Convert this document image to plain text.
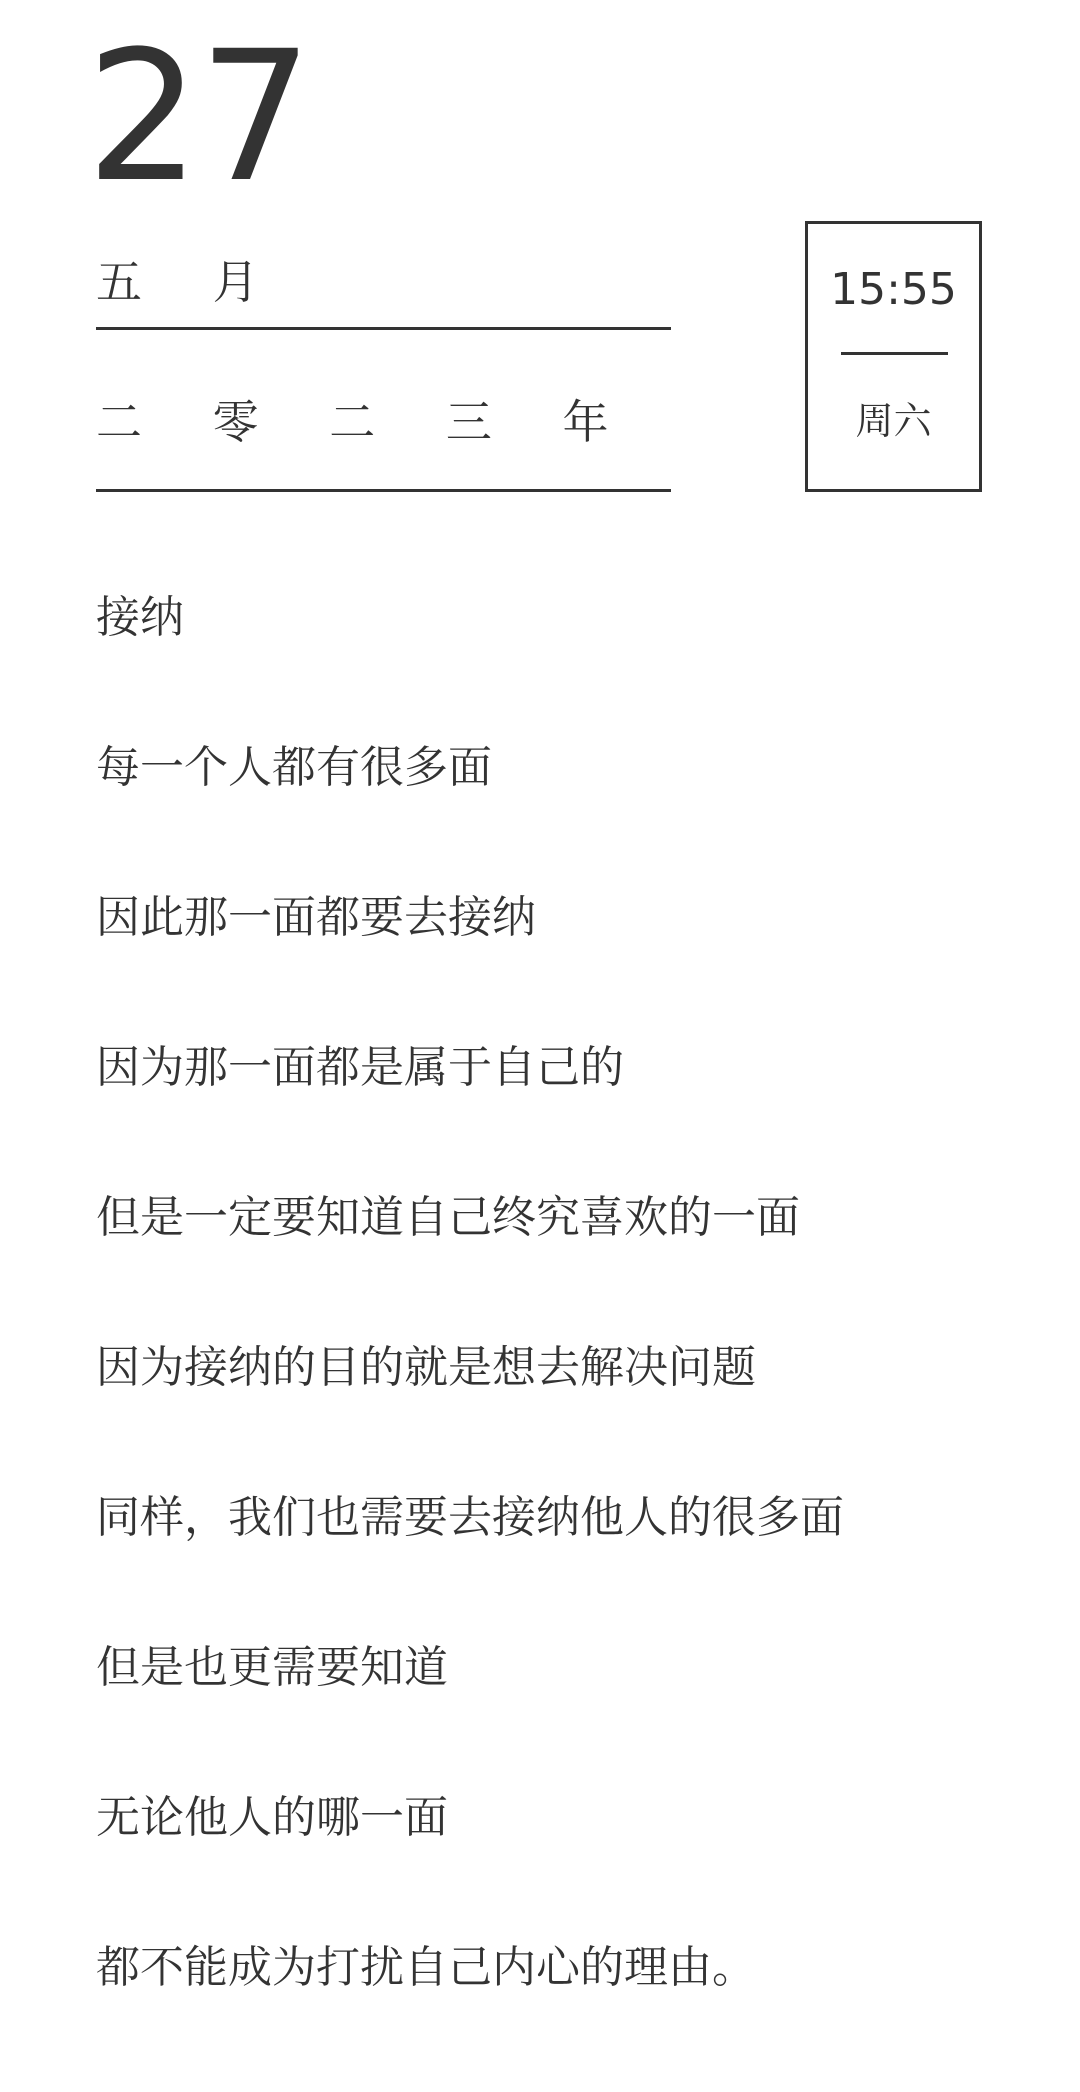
27
五 月
二 零 二 三 年
15:55
周六
接纳
每一个人都有很多面
因此那一面都要去接纳
因为那一面都是属于自己的
但是一定要知道自己终究喜欢的一面
因为接纳的目的就是想去解决问题
同样，我们也需要去接纳他人的很多面
但是也更需要知道
无论他人的哪一面
都不能成为打扰自己内心的理由。
